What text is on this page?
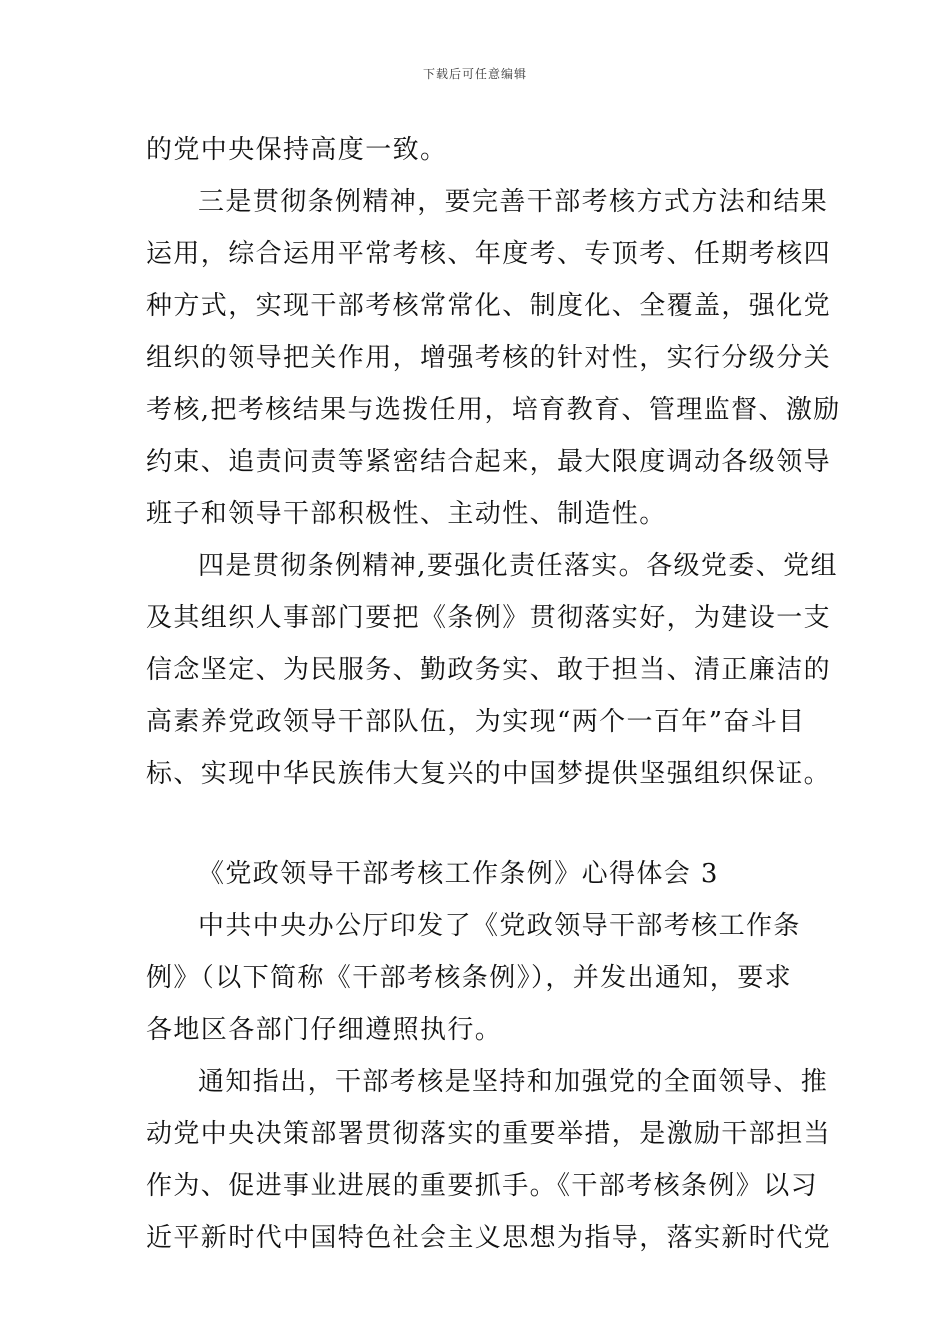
下载后可任意编辑
的党中央保持高度一致。
三是贯彻条例精神，要完善干部考核方式方法和结果
运用，综合运用平常考核、年度考、专顶考、任期考核四
种方式，实现干部考核常常化、制度化、全覆盖，强化党
组织的领导把关作用，增强考核的针对性，实行分级分关
考核,把考核结果与选拨任用，培育教育、管理监督、激励
约束、追责问责等紧密结合起来，最大限度调动各级领导
班子和领导干部积极性、主动性、制造性。
四是贯彻条例精神,要强化责任落实。各级党委、党组
及其组织人事部门要把《条例》贯彻落实好，为建设一支
信念坚定、为民服务、勤政务实、敢于担当、清正廉洁的
高素养党政领导干部队伍，为实现“两个一百年”奋斗目
标、实现中华民族伟大复兴的中国梦提供坚强组织保证。
《党政领导干部考核工作条例》心得体会 3
中共中央办公厅印发了《党政领导干部考核工作条
例》（以下简称《干部考核条例》），并发出通知，要求
各地区各部门仔细遵照执行。
通知指出，干部考核是坚持和加强党的全面领导、推
动党中央决策部署贯彻落实的重要举措，是激励干部担当
作为、促进事业进展的重要抓手。《干部考核条例》以习
近平新时代中国特色社会主义思想为指导，落实新时代党
